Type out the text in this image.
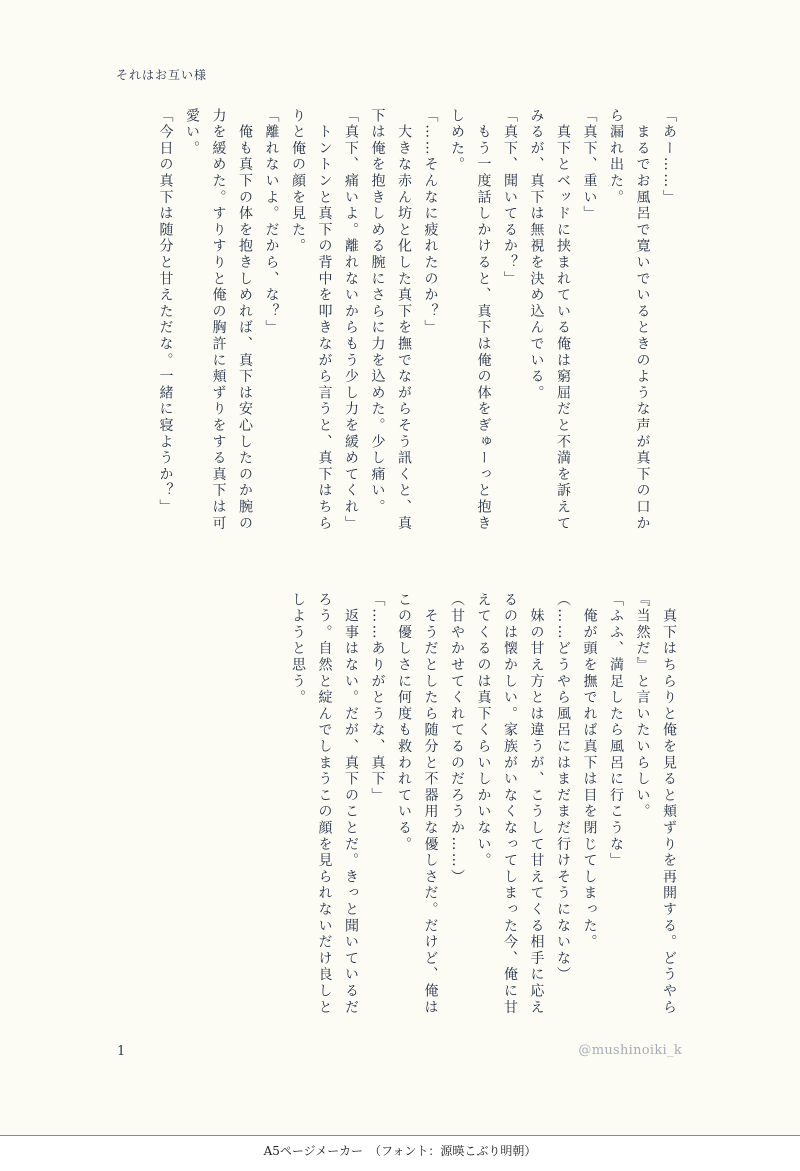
それはお互い様

「あー……」

　まるでお風呂で寛いでいるときのような声が真下の口から漏れ出た。

「真下、重い」

　真下とベッドに挟まれている俺は窮屈だと不満を訴えてみるが、真下は無視を決め込んでいる。

「真下、聞いてるか？」

　もう一度話しかけると、真下は俺の体をぎゅーっと抱きしめた。

「……そんなに疲れたのか？」

　大きな赤ん坊と化した真下を撫でながらそう訊くと、真下は俺を抱きしめる腕にさらに力を込めた。少し痛い。

「真下、痛いよ。離れないからもう少し力を緩めてくれ」

　トントンと真下の背中を叩きながら言うと、真下はちらりと俺の顔を見た。

「離れないよ。だから、な？」

　俺も真下の体を抱きしめれば、真下は安心したのか腕の力を緩めた。すりすりと俺の胸許に頬ずりをする真下は可愛い。

「今日の真下は随分と甘えただな。一緒に寝ようか？」

　真下はちらりと俺を見ると頬ずりを再開する。どうやら『当然だ』と言いたいらしい。

「ふふ、満足したら風呂に行こうな」

　俺が頭を撫でれば真下は目を閉じてしまった。

（……どうやら風呂にはまだまだ行けそうにないな）

　妹の甘え方とは違うが、こうして甘えてくる相手に応えるのは懐かしい。家族がいなくなってしまった今、俺に甘えてくるのは真下くらいしかいない。

（甘やかせてくれてるのだろうか……）

　そうだとしたら随分と不器用な優しさだ。だけど、俺はこの優しさに何度も救われている。

「……ありがとうな、真下」

　返事はない。だが、真下のことだ。きっと聞いているだろう。自然と綻んでしまうこの顔を見られないだけ良しとしようと思う。

1	@mushinoiki_k
A5ページメーカー　（フォント：源暎こぶり明朝）
